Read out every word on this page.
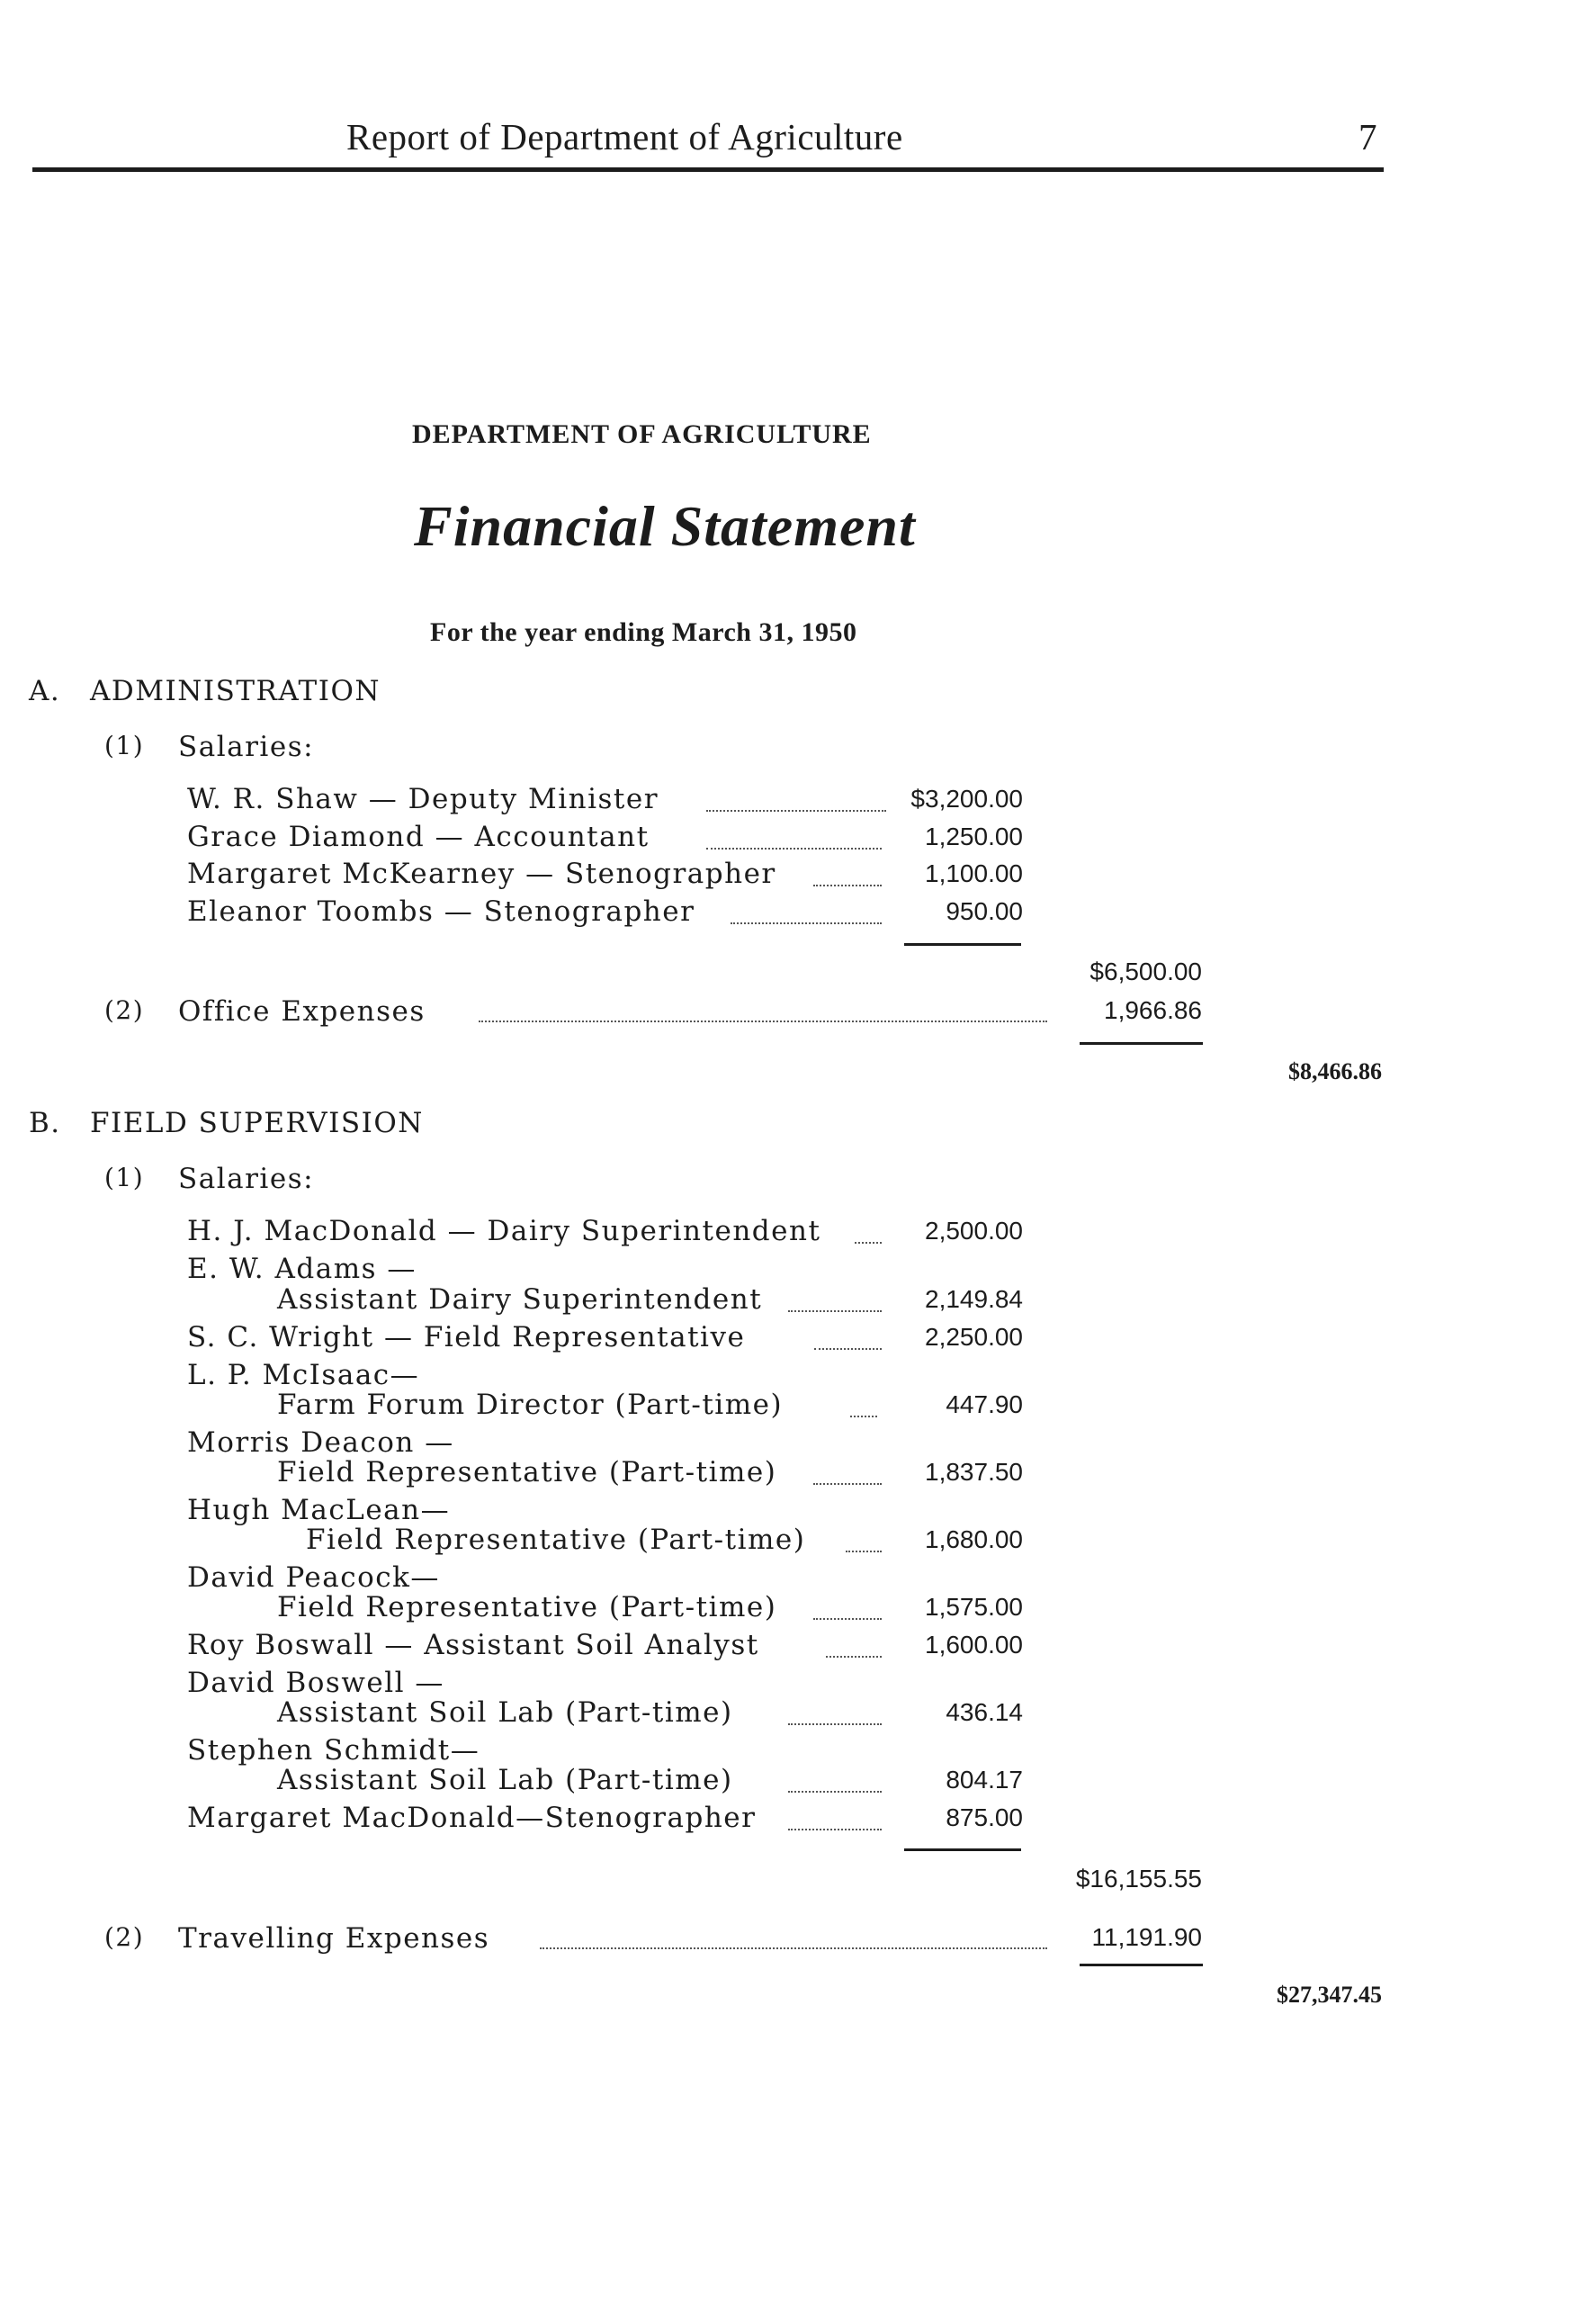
Report of Department of Agriculture	7
DEPARTMENT OF AGRICULTURE
Financial Statement
For the year ending March 31, 1950
A. ADMINISTRATION
(1) Salaries:
W. R. Shaw — Deputy Minister	$3,200.00
Grace Diamond — Accountant	1,250.00
Margaret McKearney — Stenographer	1,100.00
Eleanor Toombs — Stenographer	950.00
$6,500.00
(2) Office Expenses	1,966.86
$8,466.86
B. FIELD SUPERVISION
(1) Salaries:
H. J. MacDonald — Dairy Superintendent	2,500.00
E. W. Adams —
Assistant Dairy Superintendent	2,149.84
S. C. Wright — Field Representative	2,250.00
L. P. McIsaac—
Farm Forum Director (Part-time)	447.90
Morris Deacon —
Field Representative (Part-time)	1,837.50
Hugh MacLean—
Field Representative (Part-time)	1,680.00
David Peacock—
Field Representative (Part-time)	1,575.00
Roy Boswall — Assistant Soil Analyst	1,600.00
David Boswell —
Assistant Soil Lab (Part-time)	436.14
Stephen Schmidt—
Assistant Soil Lab (Part-time)	804.17
Margaret MacDonald—Stenographer	875.00
$16,155.55
(2) Travelling Expenses	11,191.90
$27,347.45
